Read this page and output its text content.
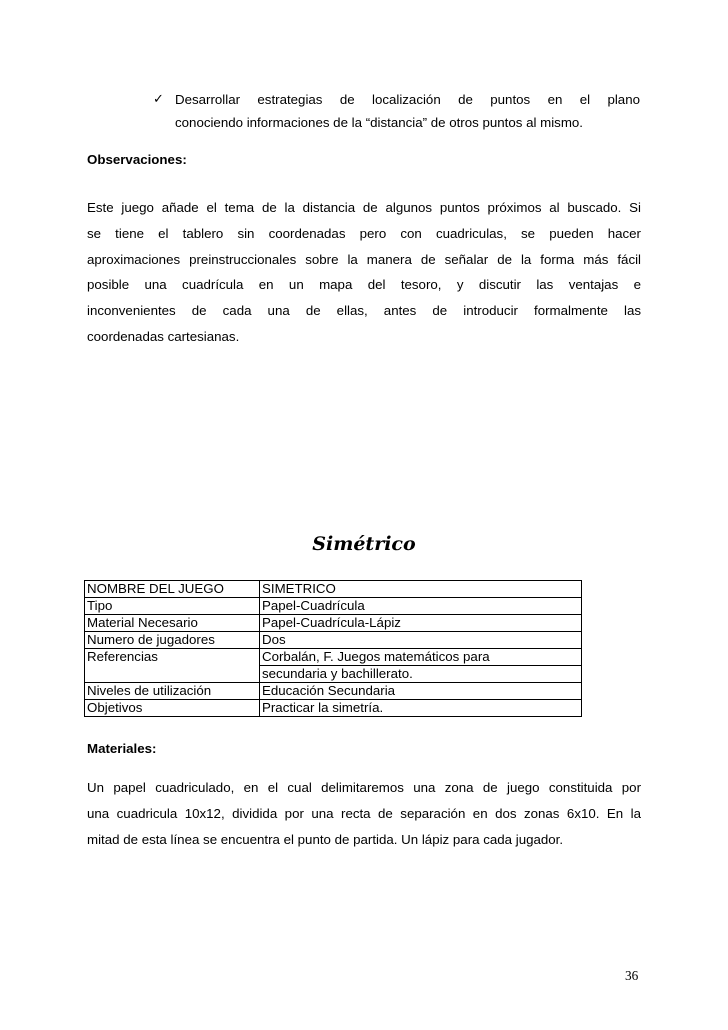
✓ Desarrollar estrategias de localización de puntos en el plano
conociendo informaciones de la “distancia” de otros puntos al mismo.
Observaciones:
Este juego añade el tema de la distancia de algunos puntos próximos al buscado. Si
se tiene el tablero sin coordenadas pero con cuadriculas, se pueden hacer
aproximaciones preinstruccionales sobre la manera de señalar de la forma más fácil
posible una cuadrícula en un mapa del tesoro, y discutir las ventajas e
inconvenientes de cada una de ellas, antes de introducir formalmente las
coordenadas cartesianas.
Simétrico
NOMBRE DEL JUEGO	SIMETRICO
Tipo	Papel-Cuadrícula
Material Necesario	Papel-Cuadrícula-Lápiz
Numero de jugadores	Dos
Referencias	Corbalán, F. Juegos matemáticos para
secundaria y bachillerato.

Niveles de utilización	Educación Secundaria
Objetivos	Practicar la simetría.
Materiales:
Un papel cuadriculado, en el cual delimitaremos una zona de juego constituida por
una cuadricula 10x12, dividida por una recta de separación en dos zonas 6x10. En la
mitad de esta línea se encuentra el punto de partida. Un lápiz para cada jugador.
36
